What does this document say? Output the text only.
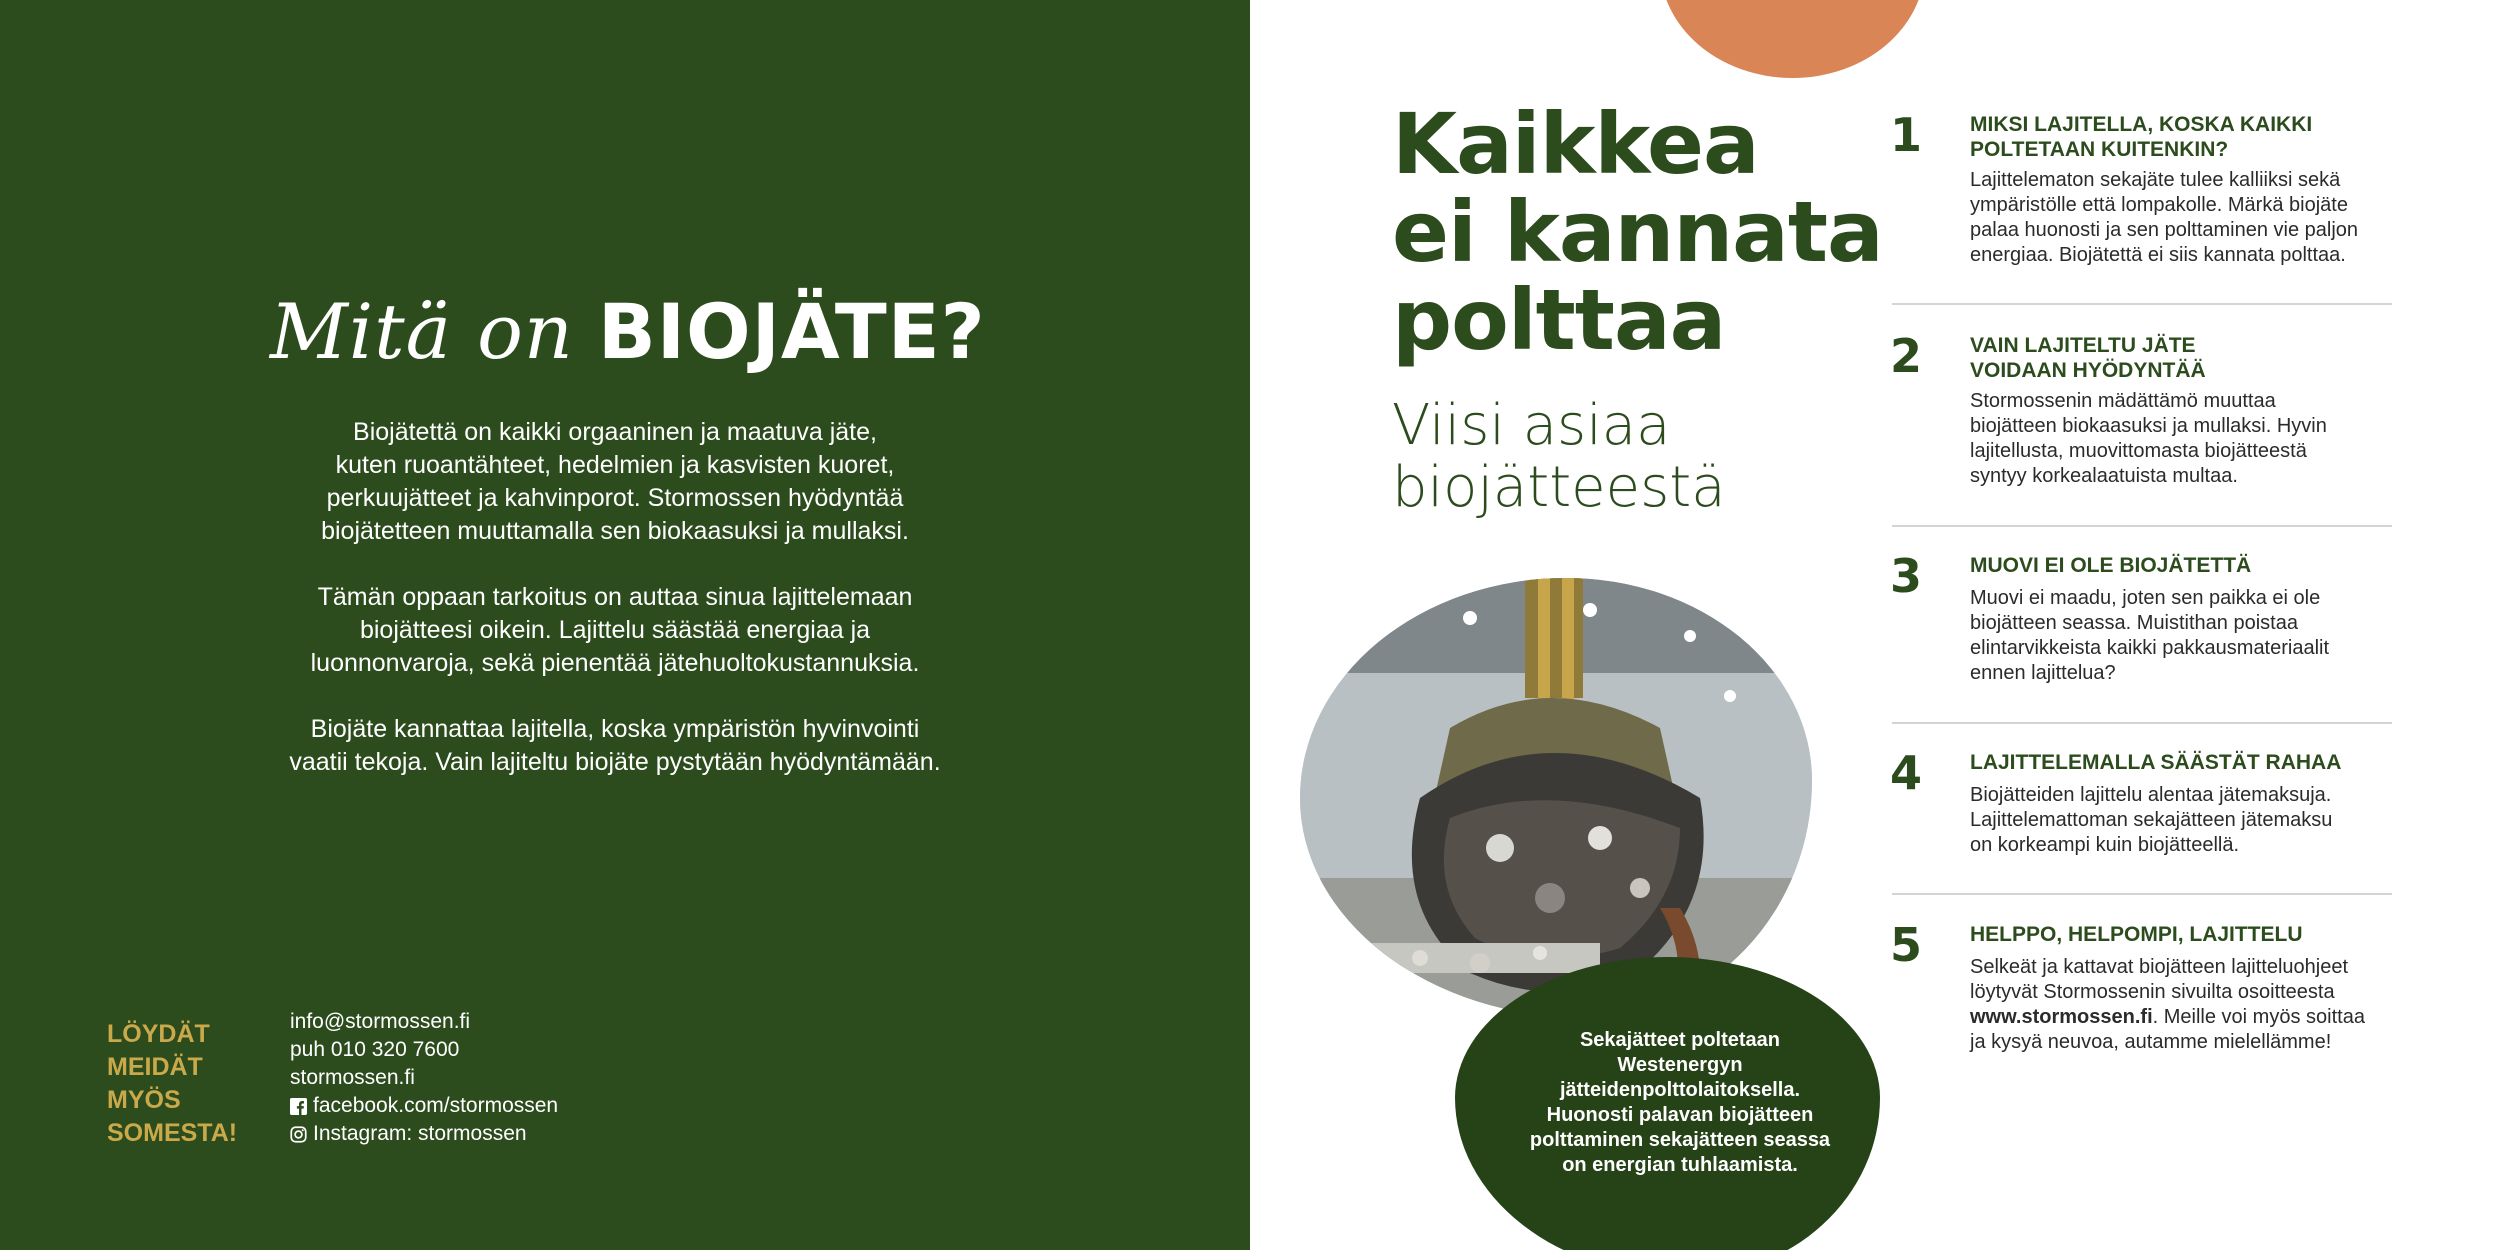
Mitä on BIOJÄTE?

Biojätettä on kaikki orgaaninen ja maatuva jäte,
kuten ruoantähteet, hedelmien ja kasvisten kuoret,
perkuujätteet ja kahvinporot. Stormossen hyödyntää
biojätetteen muuttamalla sen biokaasuksi ja mullaksi.

Tämän oppaan tarkoitus on auttaa sinua lajittelemaan
biojätteesi oikein. Lajittelu säästää energiaa ja
luonnonvaroja, sekä pienentää jätehuoltokustannuksia.

Biojäte kannattaa lajitella, koska ympäristön hyvinvointi
vaatii tekoja. Vain lajiteltu biojäte pystytään hyödyntämään.

LÖYDÄT
MEIDÄT
MYÖS
SOMESTA!
info@stormossen.fi
puh 010 320 7600
stormossen.fi
facebook.com/stormossen
Instagram: stormossen
Kaikkea
ei kannata
polttaa
Viisi asiaa
biojätteestä
Sekajätteet poltetaan
Westenergyn
jätteidenpolttolaitoksella.
Huonosti palavan biojätteen
polttaminen sekajätteen seassa
on energian tuhlaamista.
1 MIKSI LAJITELLA, KOSKA KAIKKI
POLTETAAN KUITENKIN?
Lajittelematon sekajäte tulee kalliiksi sekä
ympäristölle että lompakolle. Märkä biojäte
palaa huonosti ja sen polttaminen vie paljon
energiaa. Biojätettä ei siis kannata polttaa.
2 VAIN LAJITELTU JÄTE
VOIDAAN HYÖDYNTÄÄ
Stormossenin mädättämö muuttaa
biojätteen biokaasuksi ja mullaksi. Hyvin
lajitellusta, muovittomasta biojätteestä
syntyy korkealaatuista multaa.
3 MUOVI EI OLE BIOJÄTETTÄ
Muovi ei maadu, joten sen paikka ei ole
biojätteen seassa. Muistithan poistaa
elintarvikkeista kaikki pakkausmateriaalit
ennen lajittelua?
4 LAJITTELEMALLA SÄÄSTÄT RAHAA
Biojätteiden lajittelu alentaa jätemaksuja.
Lajittelemattoman sekajätteen jätemaksu
on korkeampi kuin biojätteellä.
5 HELPPO, HELPOMPI, LAJITTELU
Selkeät ja kattavat biojätteen lajitteluohjeet
löytyvät Stormossenin sivuilta osoitteesta
www.stormossen.fi. Meille voi myös soittaa
ja kysyä neuvoa, autamme mielellämme!
